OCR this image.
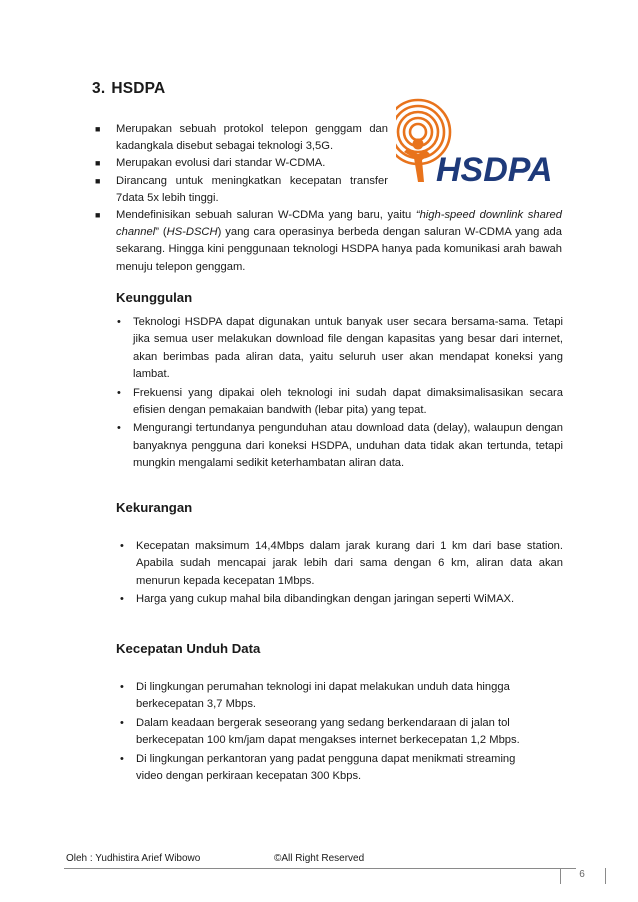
3. HSDPA
■ Merupakan sebuah protokol telepon genggam dan kadangkala disebut sebagai teknologi 3,5G.
■ Merupakan evolusi dari standar W-CDMA.
■ Dirancang untuk meningkatkan kecepatan transfer 7data 5x lebih tinggi.
■ Mendefinisikan sebuah saluran W-CDMa yang baru, yaitu “high-speed downlink shared channel” (HS-DSCH) yang cara operasinya berbeda dengan saluran W-CDMA yang ada sekarang. Hingga kini penggunaan teknologi HSDPA hanya pada komunikasi arah bawah menuju telepon genggam.
HSDPA
Keunggulan
• Teknologi HSDPA dapat digunakan untuk banyak user secara bersama-sama. Tetapi jika semua user melakukan download file dengan kapasitas yang besar dari internet, akan berimbas pada aliran data, yaitu seluruh user akan mendapat koneksi yang lambat.
• Frekuensi yang dipakai oleh teknologi ini sudah dapat dimaksimalisasikan secara efisien dengan pemakaian bandwith (lebar pita) yang tepat.
• Mengurangi tertundanya pengunduhan atau download data (delay), walaupun dengan banyaknya pengguna dari koneksi HSDPA, unduhan data tidak akan tertunda, tetapi mungkin mengalami sedikit keterhambatan aliran data.
Kekurangan
• Kecepatan maksimum 14,4Mbps dalam jarak kurang dari 1 km dari base station. Apabila sudah mencapai jarak lebih dari sama dengan 6 km, aliran data akan menurun kepada kecepatan 1Mbps.
• Harga yang cukup mahal bila dibandingkan dengan jaringan seperti WiMAX.
Kecepatan Unduh Data
• Di lingkungan perumahan teknologi ini dapat melakukan unduh data hingga berkecepatan 3,7 Mbps.
• Dalam keadaan bergerak seseorang yang sedang berkendaraan di jalan tol berkecepatan 100 km/jam dapat mengakses internet berkecepatan 1,2 Mbps.
• Di lingkungan perkantoran yang padat pengguna dapat menikmati streaming video dengan perkiraan kecepatan 300 Kbps.
Oleh : Yudhistira Arief Wibowo	©All Right Reserved
6
